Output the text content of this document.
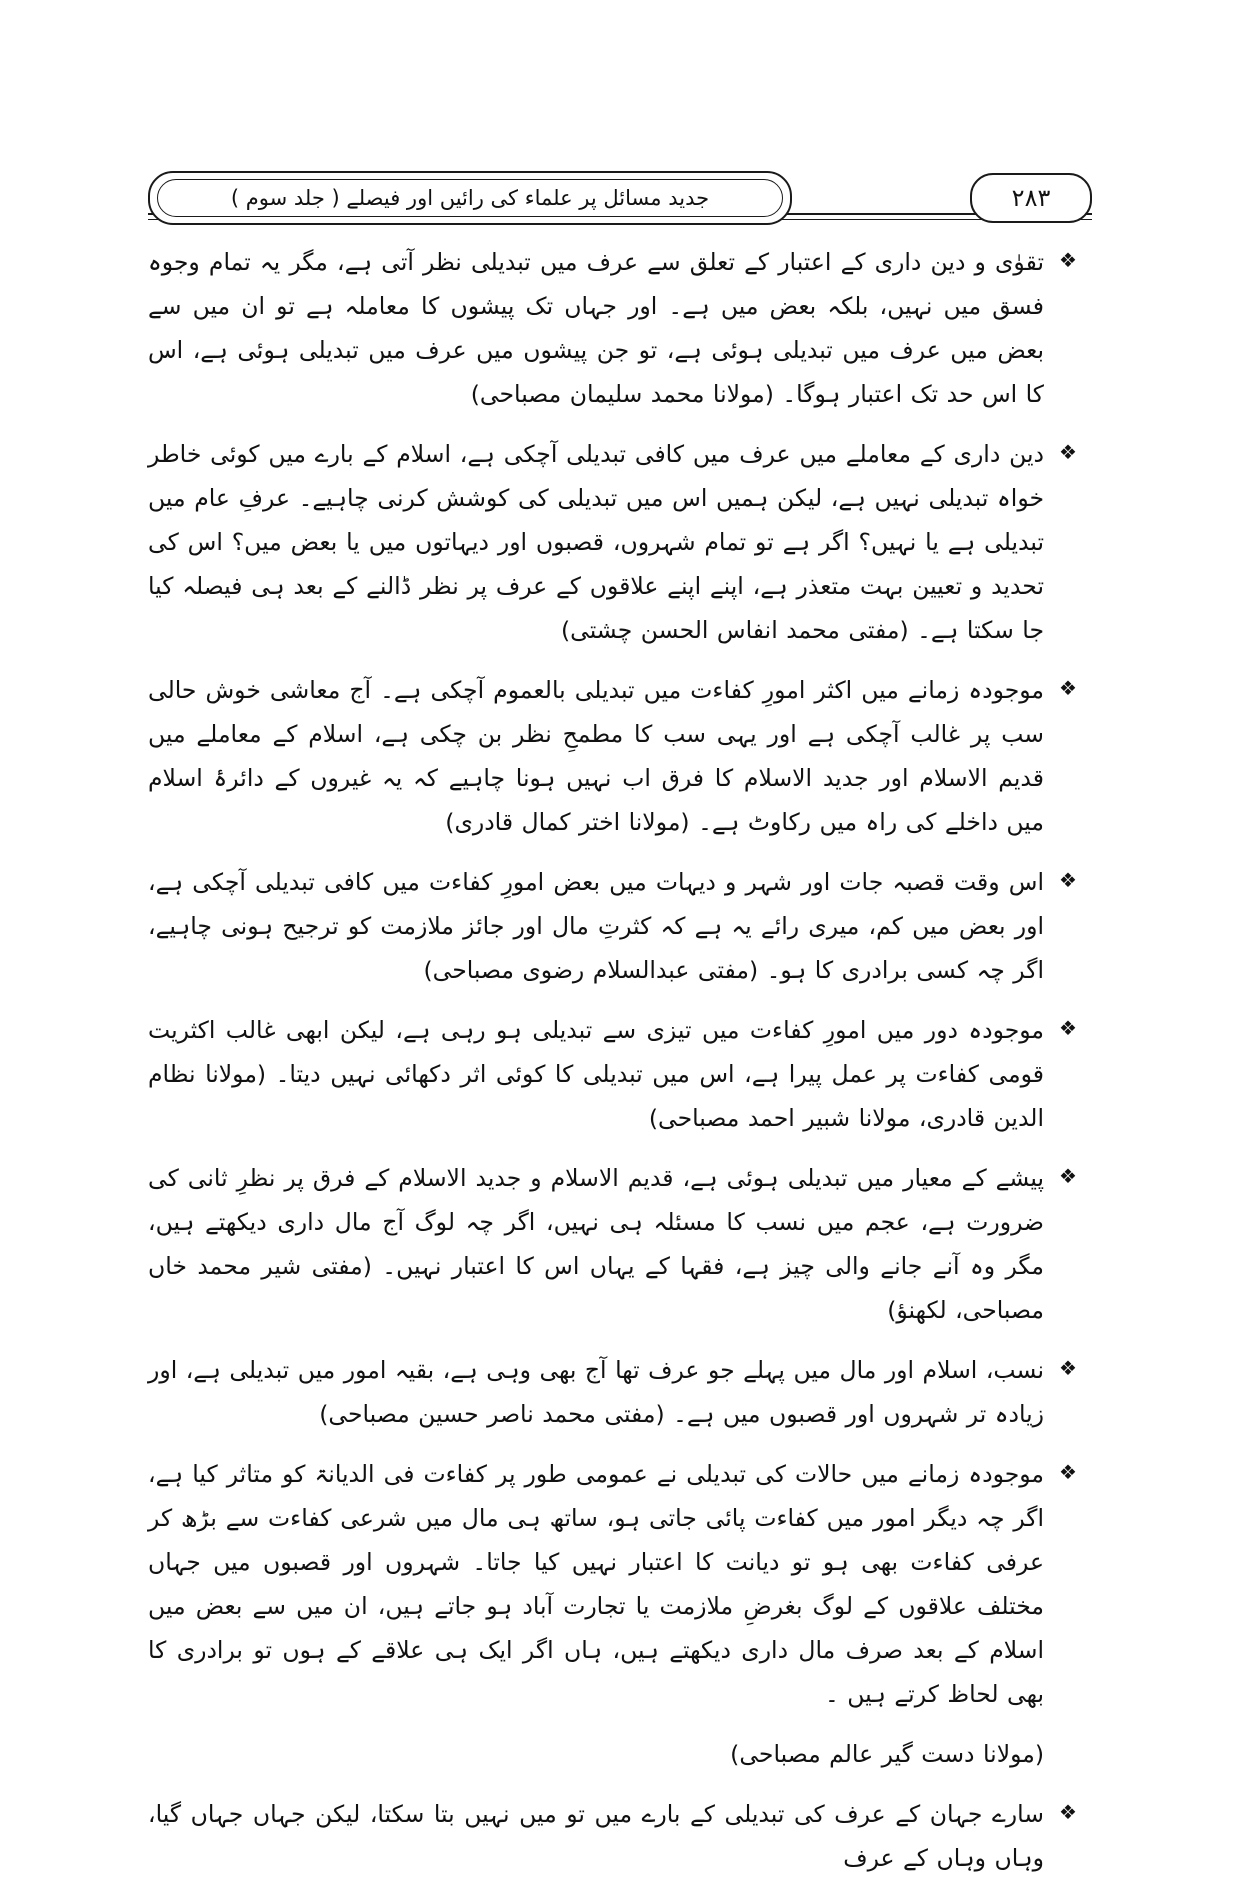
۲۸۳
جدید مسائل پر علماء کی رائیں اور فیصلے ( جلد سوم )
❖
تقوٰی و دین داری کے اعتبار کے تعلق سے عرف میں تبدیلی نظر آتی ہے، مگر یہ تمام وجوہ فسق میں نہیں، بلکہ بعض میں ہے۔ اور جہاں تک پیشوں کا معاملہ ہے تو ان میں سے بعض میں عرف میں تبدیلی ہوئی ہے، تو جن پیشوں میں عرف میں تبدیلی ہوئی ہے، اس کا اس حد تک اعتبار ہوگا۔ (مولانا محمد سلیمان مصباحی)
❖
دین داری کے معاملے میں عرف میں کافی تبدیلی آچکی ہے، اسلام کے بارے میں کوئی خاطر خواہ تبدیلی نہیں ہے، لیکن ہمیں اس میں تبدیلی کی کوشش کرنی چاہیے۔ عرفِ عام میں تبدیلی ہے یا نہیں؟ اگر ہے تو تمام شہروں، قصبوں اور دیہاتوں میں یا بعض میں؟ اس کی تحدید و تعیین بہت متعذر ہے، اپنے اپنے علاقوں کے عرف پر نظر ڈالنے کے بعد ہی فیصلہ کیا جا سکتا ہے۔ (مفتی محمد انفاس الحسن چشتی)
❖
موجودہ زمانے میں اکثر امورِ کفاءت میں تبدیلی بالعموم آچکی ہے۔ آج معاشی خوش حالی سب پر غالب آچکی ہے اور یہی سب کا مطمحِ نظر بن چکی ہے، اسلام کے معاملے میں قدیم الاسلام اور جدید الاسلام کا فرق اب نہیں ہونا چاہیے کہ یہ غیروں کے دائرۂ اسلام میں داخلے کی راہ میں رکاوٹ ہے۔ (مولانا اختر کمال قادری)
❖
اس وقت قصبہ جات اور شہر و دیہات میں بعض امورِ کفاءت میں کافی تبدیلی آچکی ہے، اور بعض میں کم، میری رائے یہ ہے کہ کثرتِ مال اور جائز ملازمت کو ترجیح ہونی چاہیے، اگر چہ کسی برادری کا ہو۔ (مفتی عبدالسلام رضوی مصباحی)
❖
موجودہ دور میں امورِ کفاءت میں تیزی سے تبدیلی ہو رہی ہے، لیکن ابھی غالب اکثریت قومی کفاءت پر عمل پیرا ہے، اس میں تبدیلی کا کوئی اثر دکھائی نہیں دیتا۔ (مولانا نظام الدین قادری، مولانا شبیر احمد مصباحی)
❖
پیشے کے معیار میں تبدیلی ہوئی ہے، قدیم الاسلام و جدید الاسلام کے فرق پر نظرِ ثانی کی ضرورت ہے، عجم میں نسب کا مسئلہ ہی نہیں، اگر چہ لوگ آج مال داری دیکھتے ہیں، مگر وہ آنے جانے والی چیز ہے، فقہا کے یہاں اس کا اعتبار نہیں۔ (مفتی شیر محمد خاں مصباحی، لکھنؤ)
❖
نسب، اسلام اور مال میں پہلے جو عرف تھا آج بھی وہی ہے، بقیہ امور میں تبدیلی ہے، اور زیادہ تر شہروں اور قصبوں میں ہے۔ (مفتی محمد ناصر حسین مصباحی)
❖
موجودہ زمانے میں حالات کی تبدیلی نے عمومی طور پر کفاءت فی الدیانۃ کو متاثر کیا ہے، اگر چہ دیگر امور میں کفاءت پائی جاتی ہو، ساتھ ہی مال میں شرعی کفاءت سے بڑھ کر عرفی کفاءت بھی ہو تو دیانت کا اعتبار نہیں کیا جاتا۔ شہروں اور قصبوں میں جہاں مختلف علاقوں کے لوگ بغرضِ ملازمت یا تجارت آباد ہو جاتے ہیں، ان میں سے بعض میں اسلام کے بعد صرف مال داری دیکھتے ہیں، ہاں اگر ایک ہی علاقے کے ہوں تو برادری کا بھی لحاظ کرتے ہیں ۔
(مولانا دست گیر عالم مصباحی)
❖
سارے جہان کے عرف کی تبدیلی کے بارے میں تو میں نہیں بتا سکتا، لیکن جہاں جہاں گیا، وہاں وہاں کے عرف
